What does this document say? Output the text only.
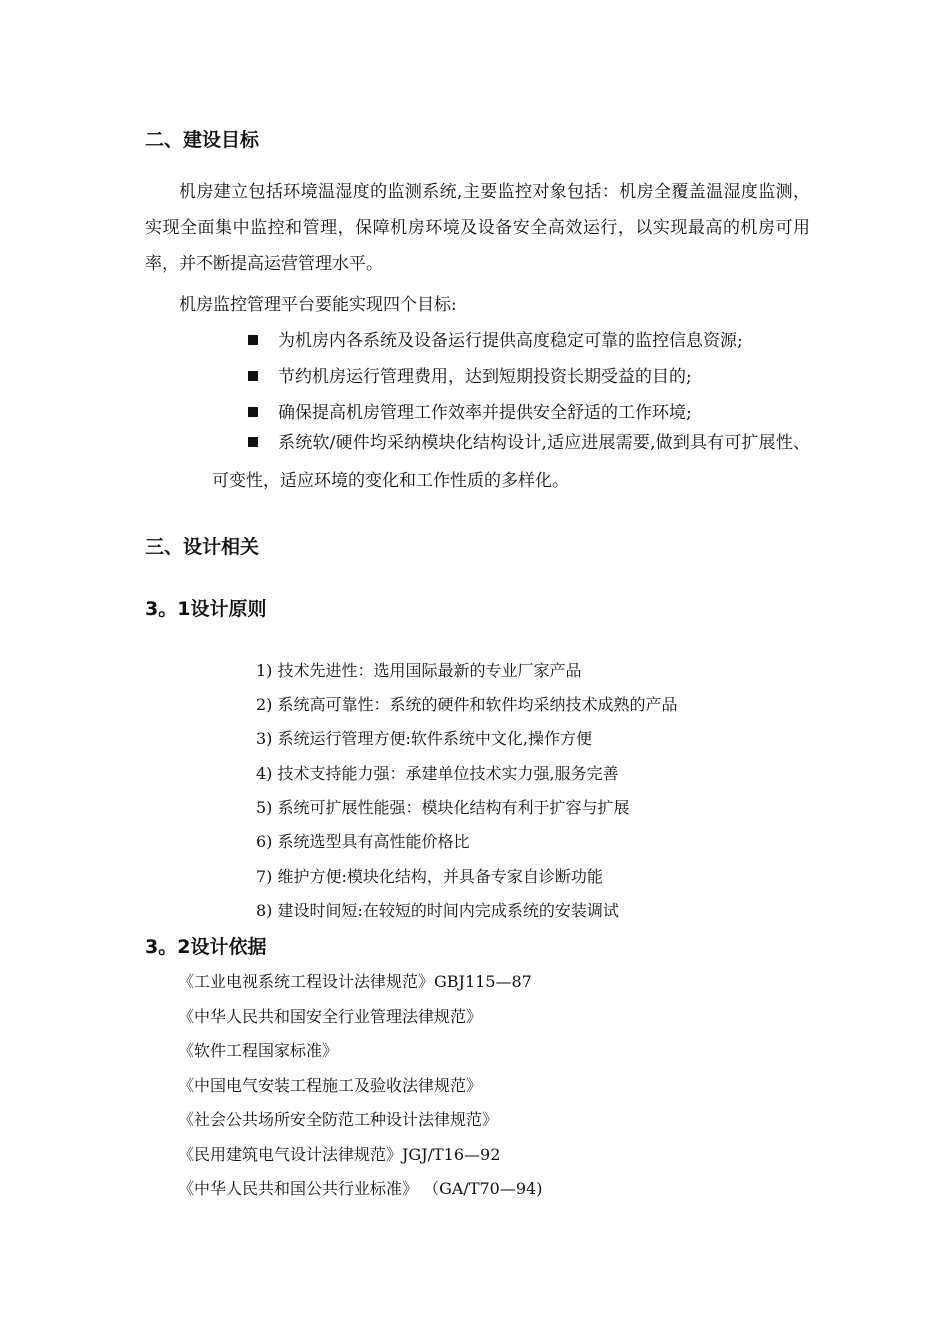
二、建设目标

机房建立包括环境温湿度的监测系统,主要监控对象包括：机房全覆盖温湿度监测，实现全面集中监控和管理，保障机房环境及设备安全高效运行，以实现最高的机房可用率，并不断提高运营管理水平。

机房监控管理平台要能实现四个目标:

为机房内各系统及设备运行提供高度稳定可靠的监控信息资源;
节约机房运行管理费用，达到短期投资长期受益的目的;
确保提高机房管理工作效率并提供安全舒适的工作环境;
系统软/硬件均采纳模块化结构设计,适应进展需要,做到具有可扩展性、可变性，适应环境的变化和工作性质的多样化。
三、设计相关
3。1设计原则
1) 技术先进性：选用国际最新的专业厂家产品
2) 系统高可靠性：系统的硬件和软件均采纳技术成熟的产品
3) 系统运行管理方便:软件系统中文化,操作方便
4) 技术支持能力强：承建单位技术实力强,服务完善
5) 系统可扩展性能强：模块化结构有利于扩容与扩展
6) 系统选型具有高性能价格比
7) 维护方便:模块化结构，并具备专家自诊断功能
8) 建设时间短:在较短的时间内完成系统的安装调试
3。2设计依据
《工业电视系统工程设计法律规范》GBJ115—87
《中华人民共和国安全行业管理法律规范》
《软件工程国家标准》
《中国电气安装工程施工及验收法律规范》
《社会公共场所安全防范工种设计法律规范》
《民用建筑电气设计法律规范》JGJ/T16—92
《中华人民共和国公共行业标准》 （GA/T70—94)
